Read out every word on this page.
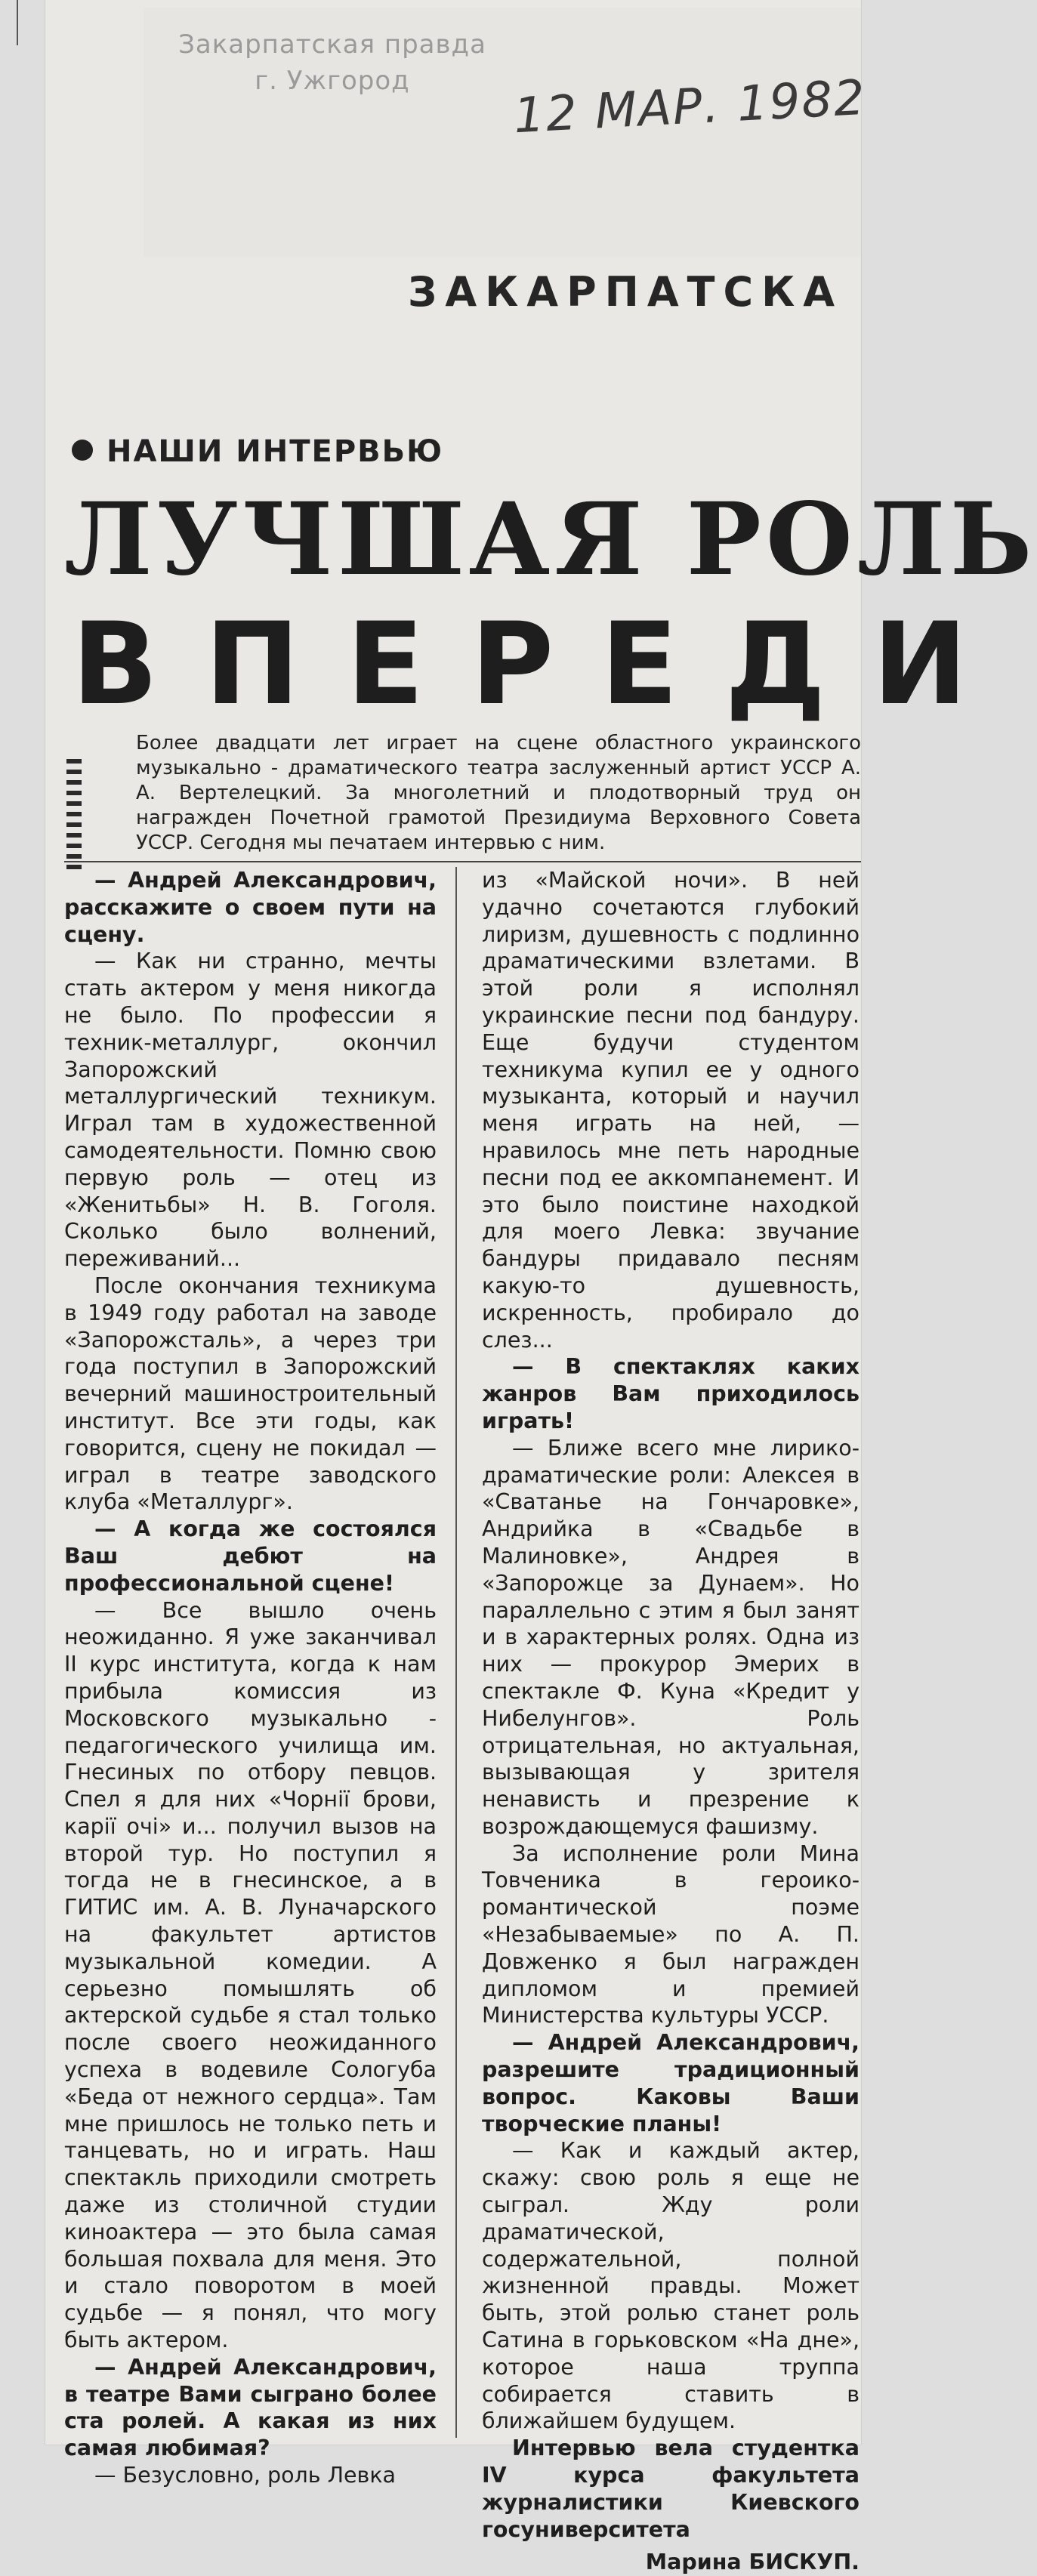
Закарпатская правда
г. Ужгород	12 МАР. 1982
ЗАКАРПАТСКА
НАШИ ИНТЕРВЬЮ
ЛУЧШАЯ РОЛЬ
ВПЕРЕДИ
Более двадцати лет играет на сцене областного украинского музыкально - драматического театра заслуженный артист УССР А. А. Вертелецкий. За многолетний и плодотворный труд он награжден Почетной грамотой Президиума Верховного Совета УССР. Сегодня мы печатаем интервью с ним.

— Андрей Александрович, расскажите о своем пути на сцену.

— Как ни странно, мечты стать актером у меня никогда не было. По профессии я техник-металлург, окончил Запорожский металлургический техникум. Играл там в художественной самодеятельности. Помню свою первую роль — отец из «Женитьбы» Н. В. Гоголя. Сколько было волнений, переживаний...

После окончания техникума в 1949 году работал на заводе «Запорожсталь», а через три года поступил в Запорожский вечерний машиностроительный институт. Все эти годы, как говорится, сцену не покидал — играл в театре заводского клуба «Металлург».

— А когда же состоялся Ваш дебют на профессиональной сцене!

— Все вышло очень неожиданно. Я уже заканчивал II курс института, когда к нам прибыла комиссия из Московского музыкально - педагогического училища им. Гнесиных по отбору певцов. Спел я для них «Чорнії брови, карії очі» и... получил вызов на второй тур. Но поступил я тогда не в гнесинское, а в ГИТИС им. А. В. Луначарского на факультет артистов музыкальной комедии. А серьезно помышлять об актерской судьбе я стал только после своего неожиданного успеха в водевиле Сологуба «Беда от нежного сердца». Там мне пришлось не только петь и танцевать, но и играть. Наш спектакль приходили смотреть даже из столичной студии киноактера — это была самая большая похвала для меня. Это и стало поворотом в моей судьбе — я понял, что могу быть актером.

— Андрей Александрович, в театре Вами сыграно более ста ролей. А какая из них самая любимая?

— Безусловно, роль Левка

из «Майской ночи». В ней удачно сочетаются глубокий лиризм, душевность с подлинно драматическими взлетами. В этой роли я исполнял украинские песни под бандуру. Еще будучи студентом техникума купил ее у одного музыканта, который и научил меня играть на ней, — нравилось мне петь народные песни под ее аккомпанемент. И это было поистине находкой для моего Левка: звучание бандуры придавало песням какую-то душевность, искренность, пробирало до слез...

— В спектаклях каких жанров Вам приходилось играть!

— Ближе всего мне лирико-драматические роли: Алексея в «Сватанье на Гончаровке», Андрийка в «Свадьбе в Малиновке», Андрея в «Запорожце за Дунаем». Но параллельно с этим я был занят и в характерных ролях. Одна из них — прокурор Эмерих в спектакле Ф. Куна «Кредит у Нибелунгов». Роль отрицательная, но актуальная, вызывающая у зрителя ненависть и презрение к возрождающемуся фашизму.

За исполнение роли Мина Товченика в героико-романтической поэме «Незабываемые» по А. П. Довженко я был награжден дипломом и премией Министерства культуры УССР.

— Андрей Александрович, разрешите традиционный вопрос. Каковы Ваши творческие планы!

— Как и каждый актер, скажу: свою роль я еще не сыграл. Жду роли драматической, содержательной, полной жизненной правды. Может быть, этой ролью станет роль Сатина в горьковском «На дне», которое наша труппа собирается ставить в ближайшем будущем.

Интервью вела студентка IV курса факультета журналистики Киевского госуниверситета

Марина БИСКУП.
